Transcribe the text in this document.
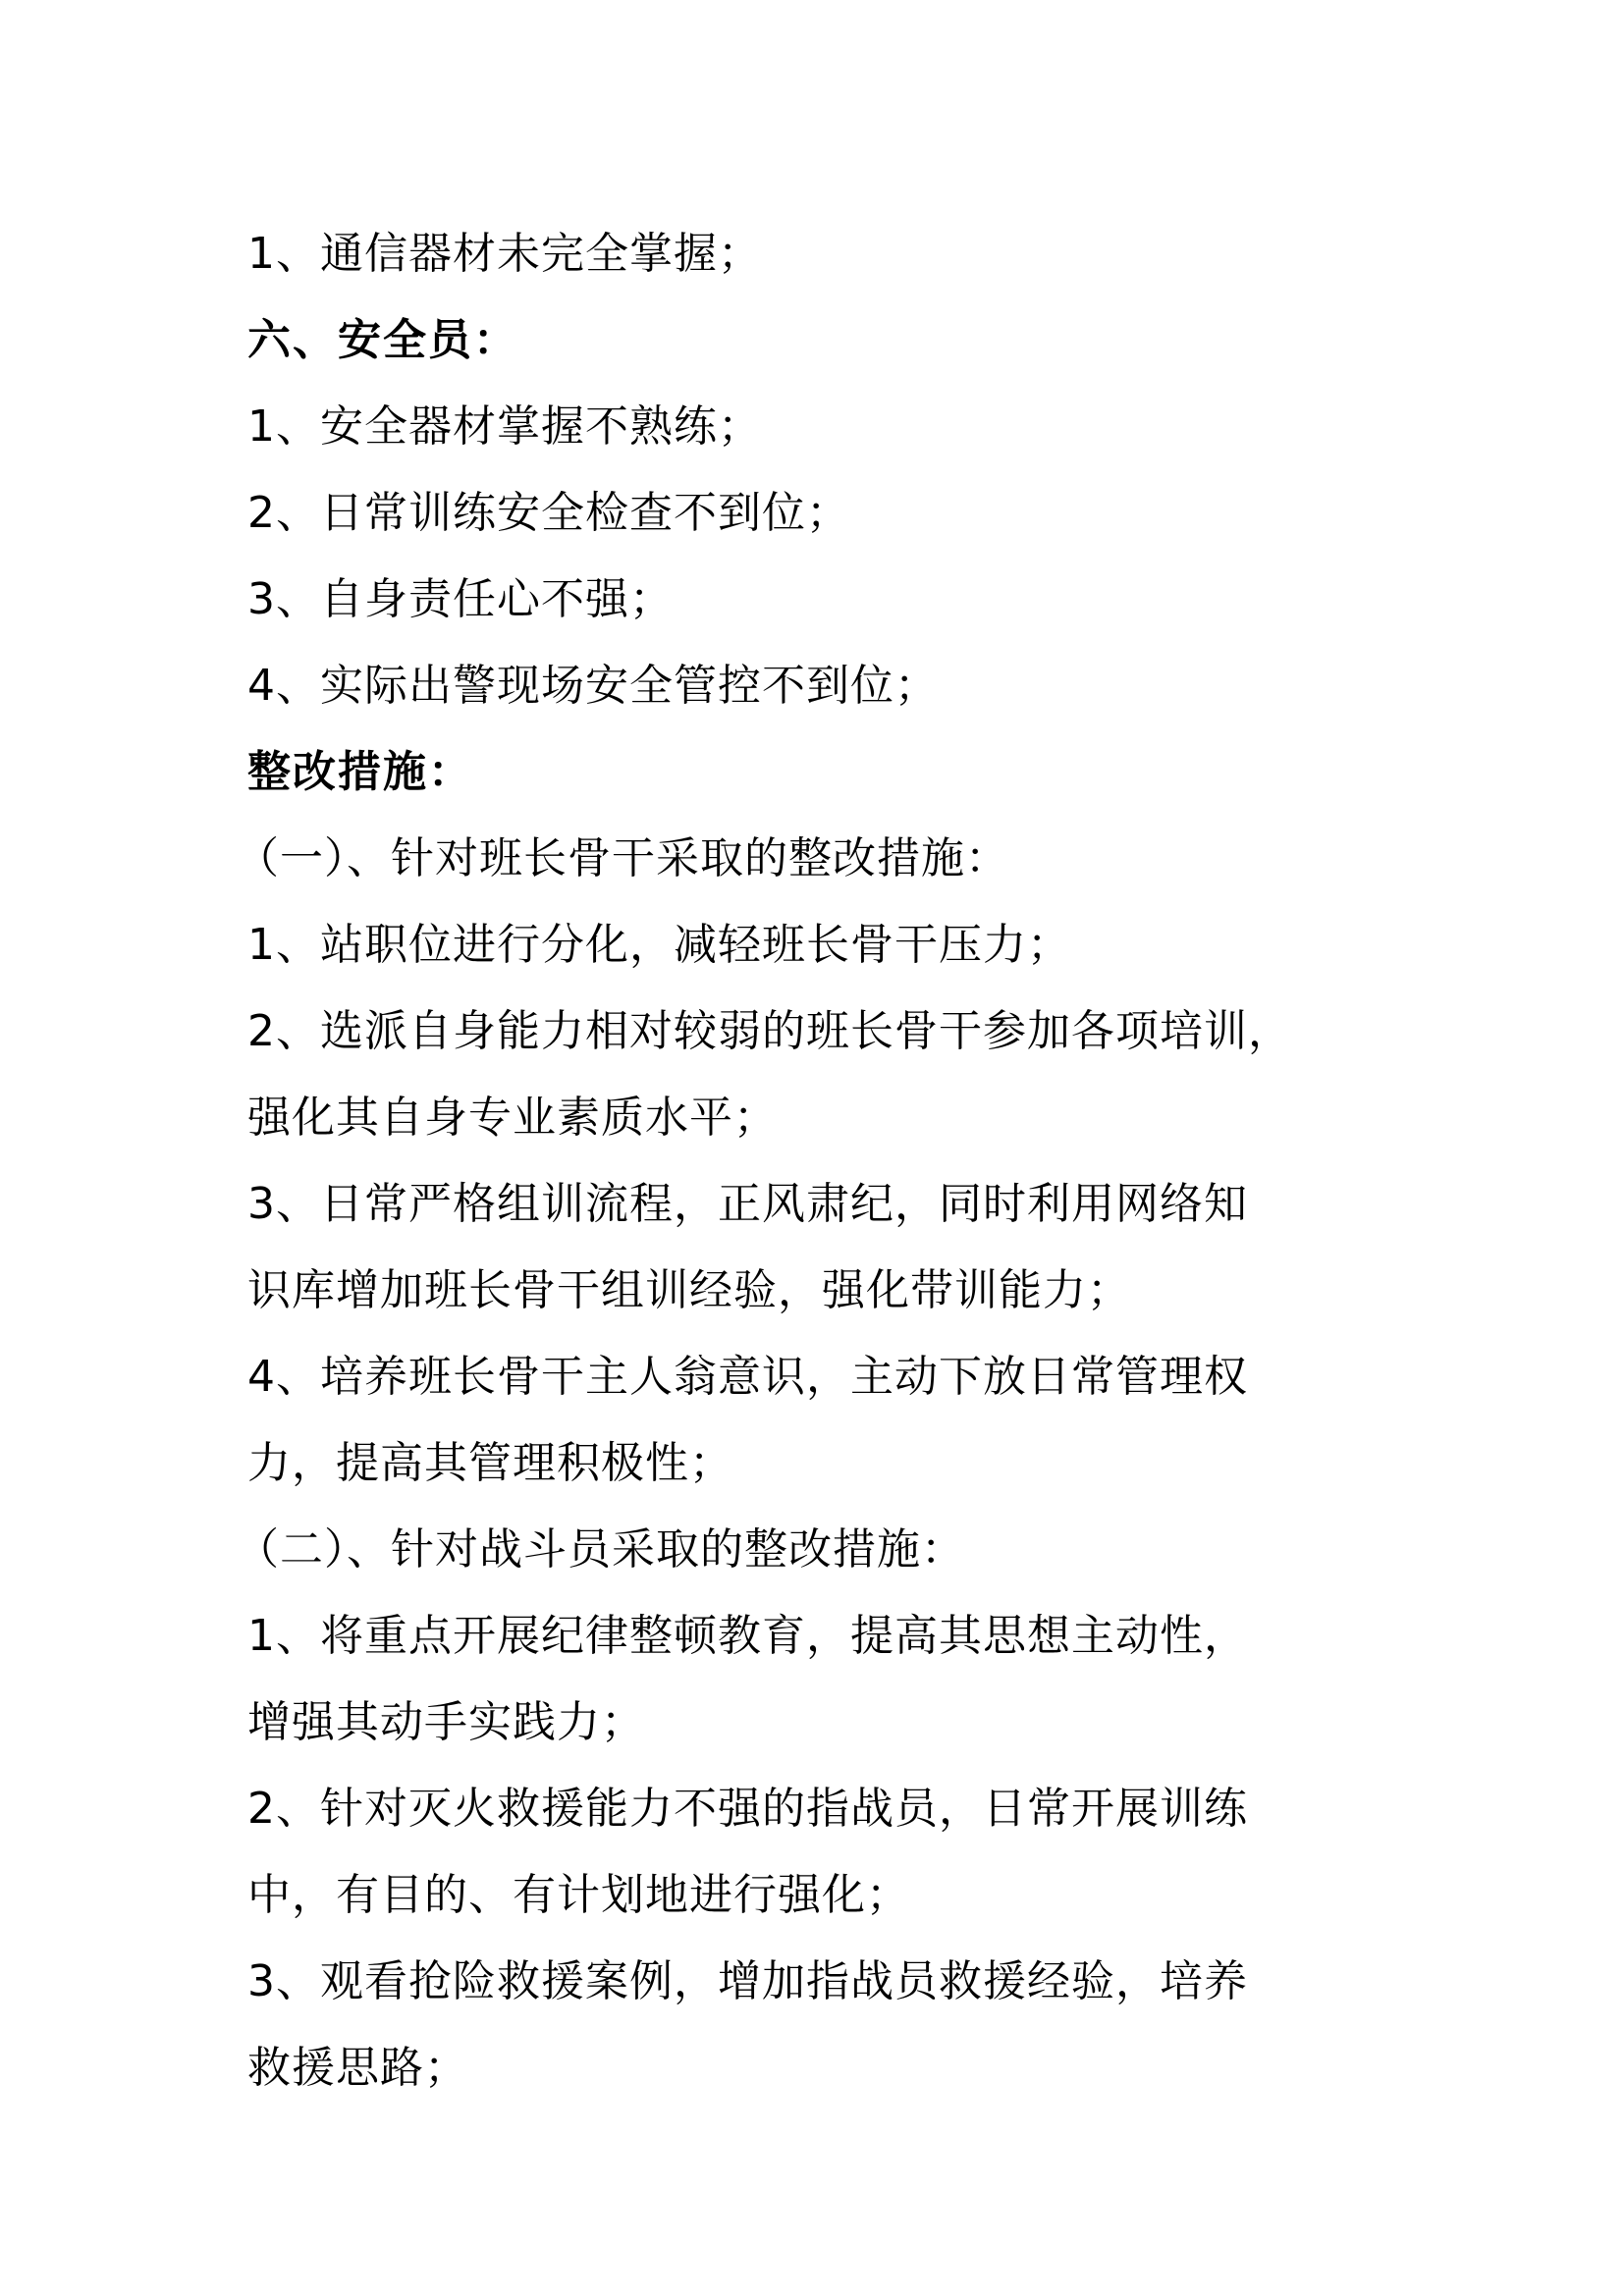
1、通信器材未完全掌握；
六、安全员：
1、安全器材掌握不熟练；
2、日常训练安全检查不到位；
3、自身责任心不强；
4、实际出警现场安全管控不到位；
整改措施：
（一）、针对班长骨干采取的整改措施：
1、站职位进行分化，减轻班长骨干压力；
2、选派自身能力相对较弱的班长骨干参加各项培训，
强化其自身专业素质水平；
3、日常严格组训流程，正风肃纪，同时利用网络知
识库增加班长骨干组训经验，强化带训能力；
4、培养班长骨干主人翁意识，主动下放日常管理权
力，提高其管理积极性；
（二）、针对战斗员采取的整改措施：
1、将重点开展纪律整顿教育，提高其思想主动性，
增强其动手实践力；
2、针对灭火救援能力不强的指战员，日常开展训练
中，有目的、有计划地进行强化；
3、观看抢险救援案例，增加指战员救援经验，培养
救援思路；
